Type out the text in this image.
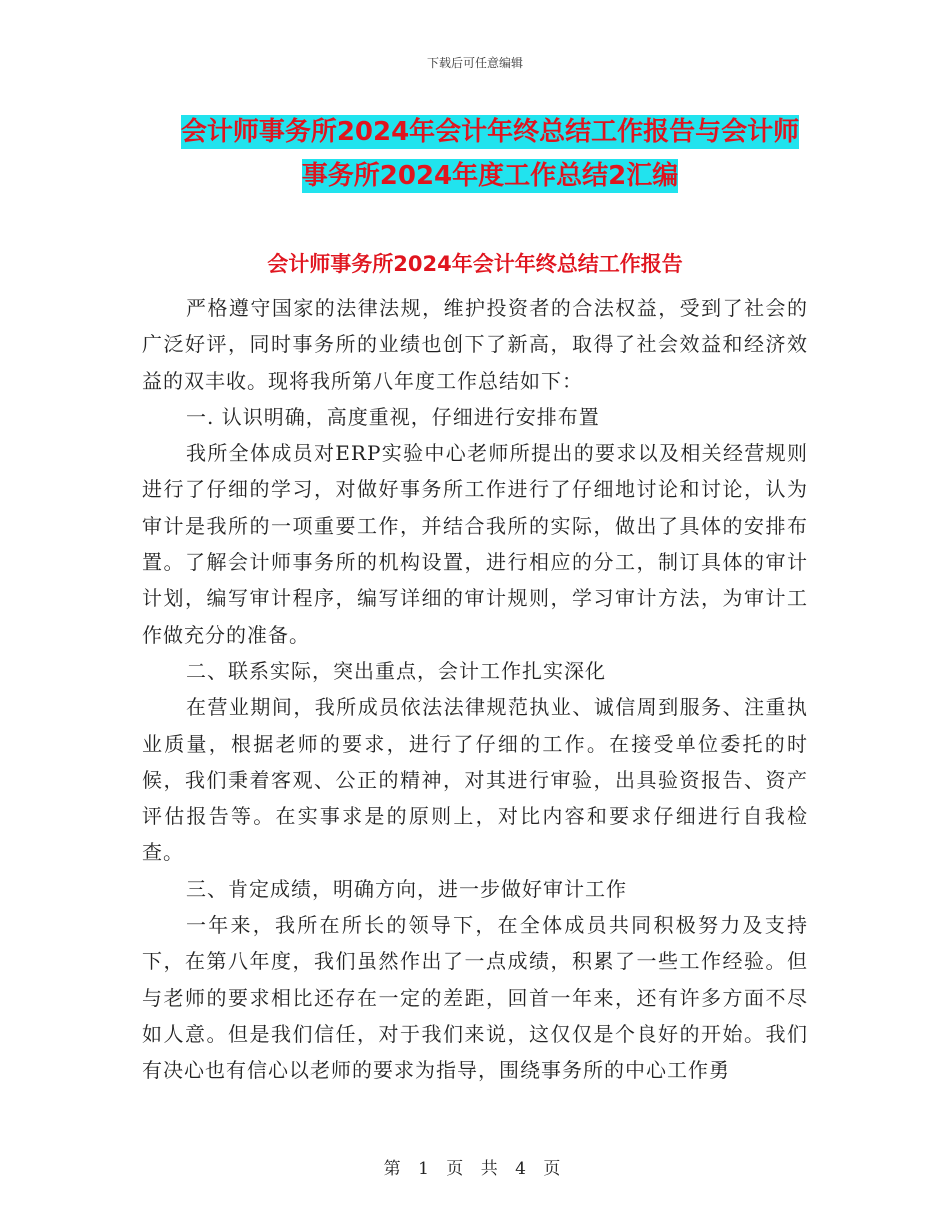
下载后可任意编辑
会计师事务所2024年会计年终总结工作报告与会计师
事务所2024年度工作总结2汇编
会计师事务所2024年会计年终总结工作报告

严格遵守国家的法律法规，维护投资者的合法权益，受到了社会的广泛好评，同时事务所的业绩也创下了新高，取得了社会效益和经济效益的双丰收。现将我所第八年度工作总结如下：

一. 认识明确，高度重视，仔细进行安排布置

我所全体成员对ERP实验中心老师所提出的要求以及相关经营规则进行了仔细的学习，对做好事务所工作进行了仔细地讨论和讨论，认为审计是我所的一项重要工作，并结合我所的实际，做出了具体的安排布置。了解会计师事务所的机构设置，进行相应的分工，制订具体的审计计划，编写审计程序，编写详细的审计规则，学习审计方法，为审计工作做充分的准备。

二、联系实际，突出重点，会计工作扎实深化

在营业期间，我所成员依法法律规范执业、诚信周到服务、注重执业质量，根据老师的要求，进行了仔细的工作。在接受单位委托的时候，我们秉着客观、公正的精神，对其进行审验，出具验资报告、资产评估报告等。在实事求是的原则上，对比内容和要求仔细进行自我检查。

三、肯定成绩，明确方向，进一步做好审计工作

一年来，我所在所长的领导下，在全体成员共同积极努力及支持下，在第八年度，我们虽然作出了一点成绩，积累了一些工作经验。但与老师的要求相比还存在一定的差距，回首一年来，还有许多方面不尽如人意。但是我们信任，对于我们来说，这仅仅是个良好的开始。我们有决心也有信心以老师的要求为指导，围绕事务所的中心工作勇

第 1 页 共 4 页
